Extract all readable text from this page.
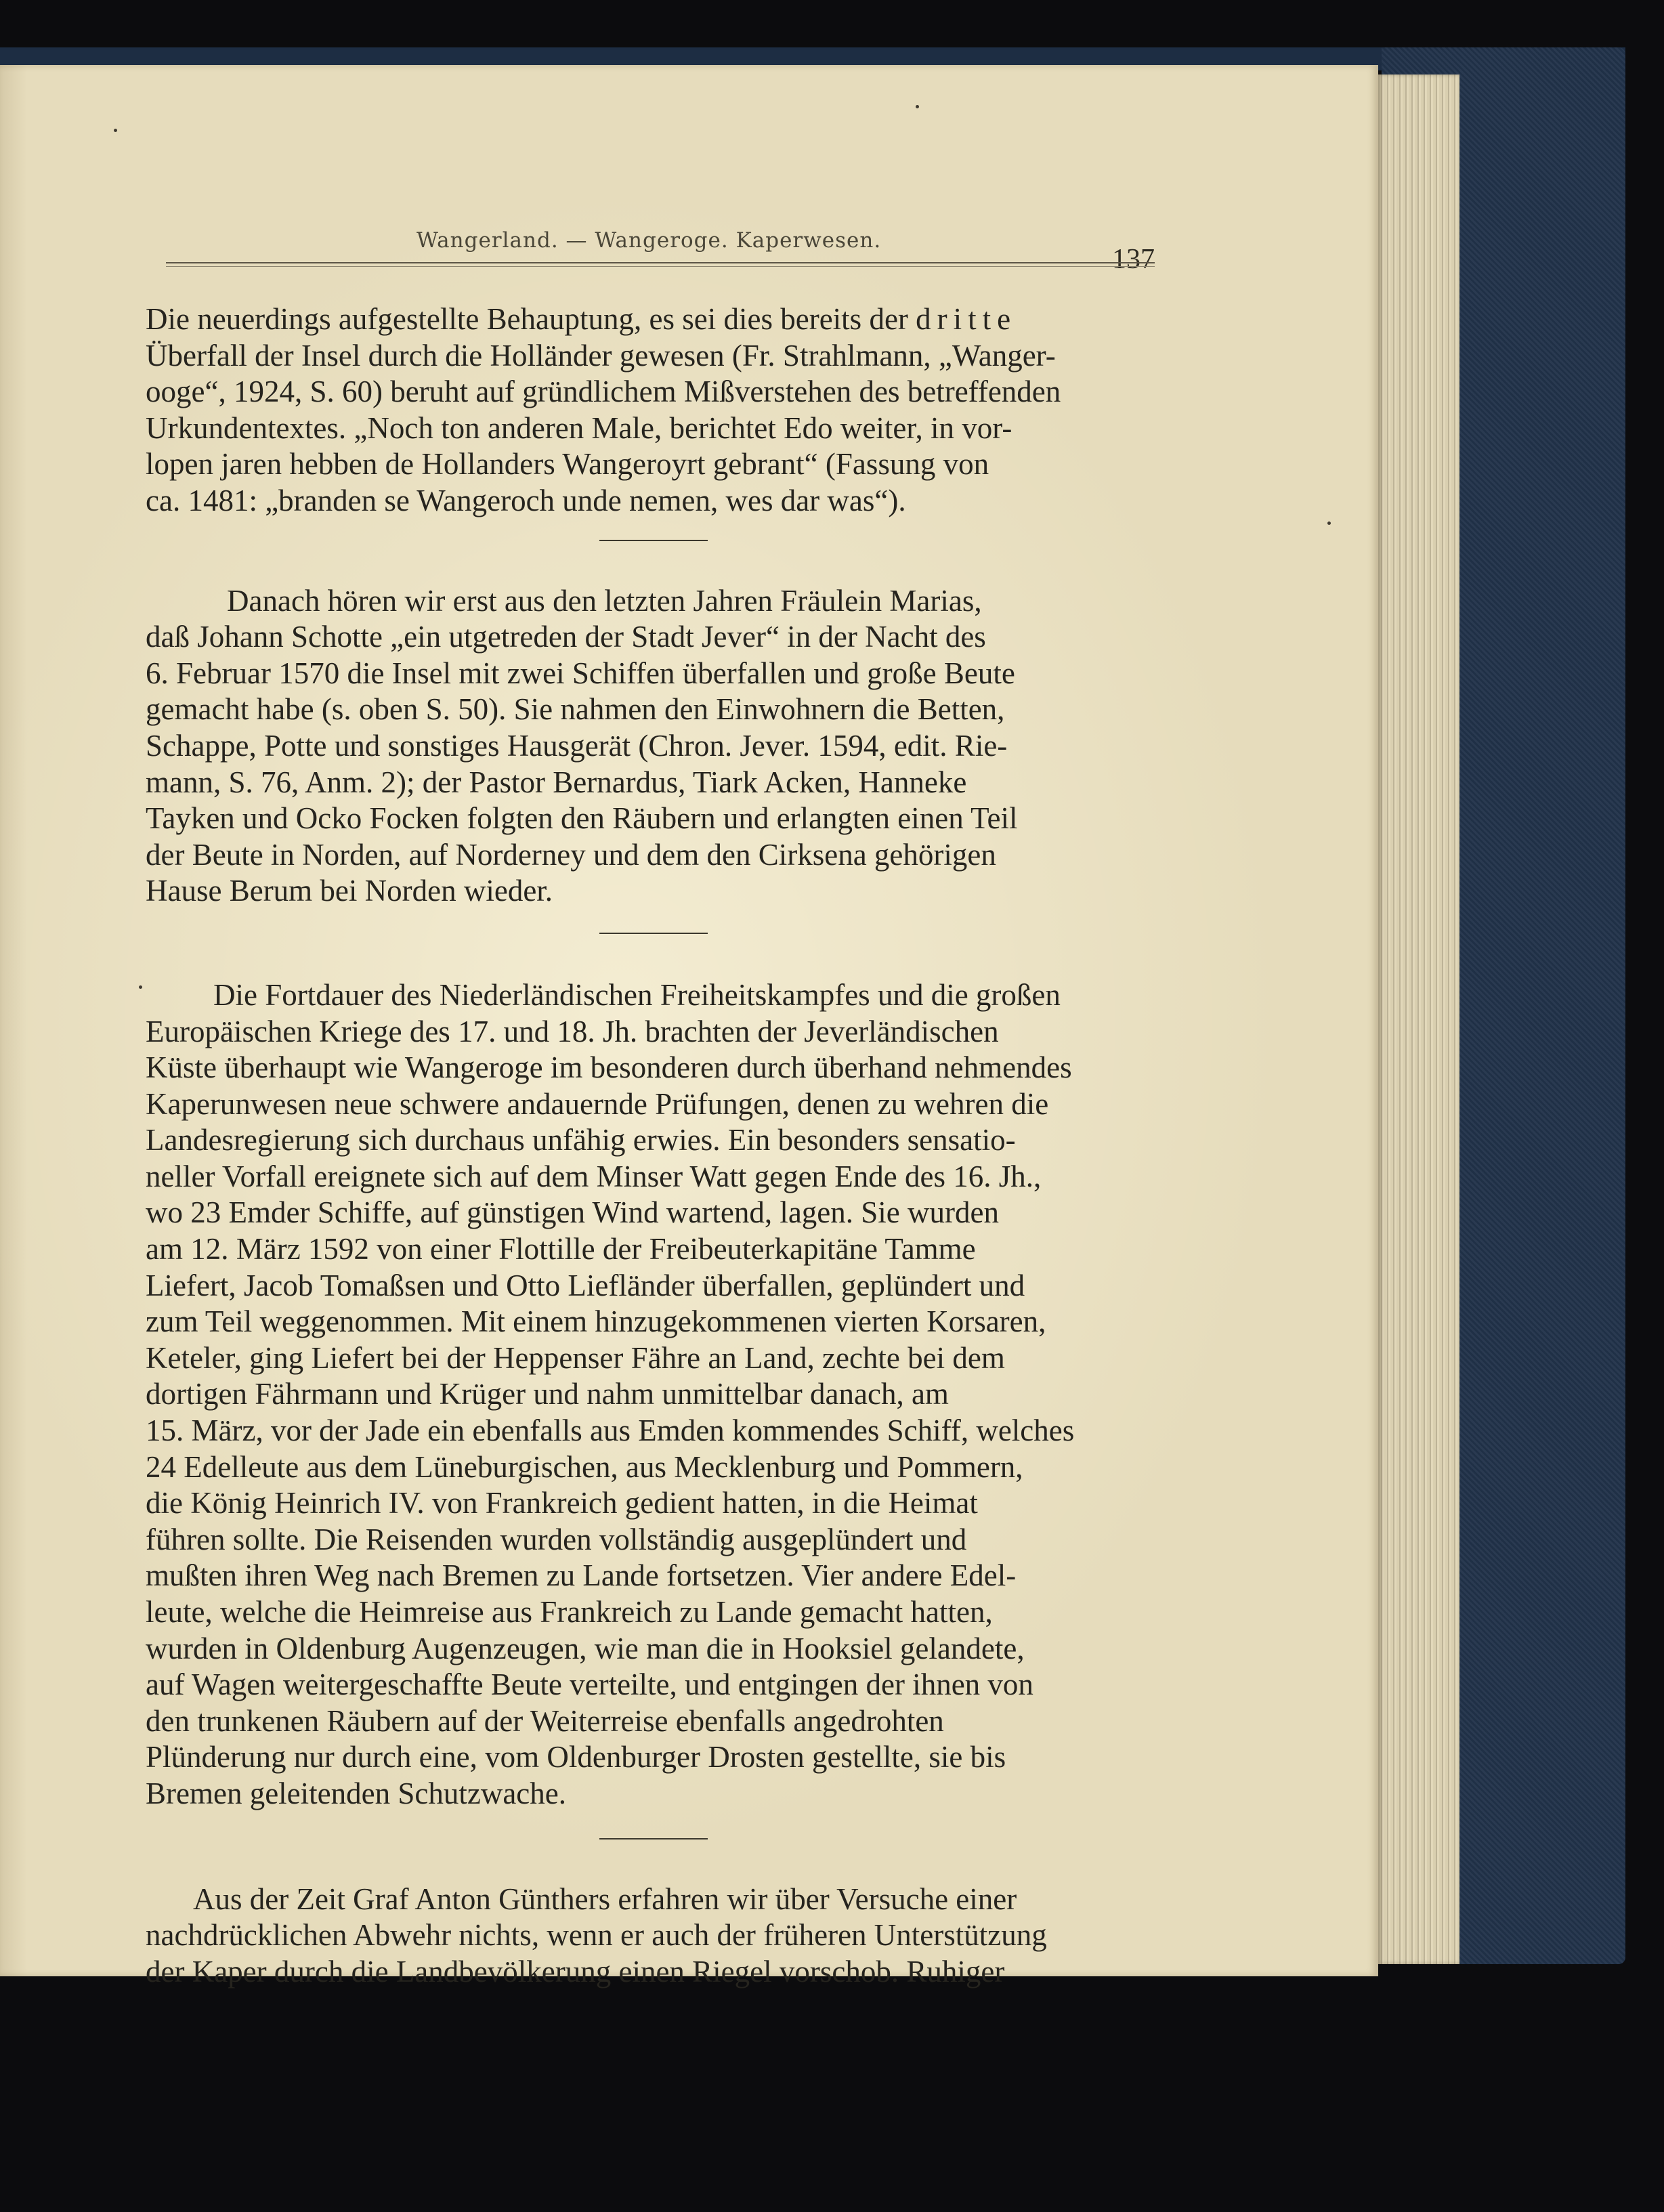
Wangerland. — Wangeroge. Kaperwesen.
137

Die neuerdings aufgestellte Behauptung, es sei dies bereits der dritte
Überfall der Insel durch die Holländer gewesen (Fr. Strahlmann, „Wanger-
ooge“, 1924, S. 60) beruht auf gründlichem Mißverstehen des betreffenden
Urkundentextes. „Noch ton anderen Male, berichtet Edo weiter, in vor-
lopen jaren hebben de Hollanders Wangeroyrt gebrant“ (Fassung von
ca. 1481: „branden se Wangeroch unde nemen, wes dar was“).

Danach hören wir erst aus den letzten Jahren Fräulein Marias,
daß Johann Schotte „ein utgetreden der Stadt Jever“ in der Nacht des
6. Februar 1570 die Insel mit zwei Schiffen überfallen und große Beute
gemacht habe (s. oben S. 50). Sie nahmen den Einwohnern die Betten,
Schappe, Potte und sonstiges Hausgerät (Chron. Jever. 1594, edit. Rie-
mann, S. 76, Anm. 2); der Pastor Bernardus, Tiark Acken, Hanneke
Tayken und Ocko Focken folgten den Räubern und erlangten einen Teil
der Beute in Norden, auf Norderney und dem den Cirksena gehörigen
Hause Berum bei Norden wieder.

Die Fortdauer des Niederländischen Freiheitskampfes und die großen
Europäischen Kriege des 17. und 18. Jh. brachten der Jeverländischen
Küste überhaupt wie Wangeroge im besonderen durch überhand nehmendes
Kaperunwesen neue schwere andauernde Prüfungen, denen zu wehren die
Landesregierung sich durchaus unfähig erwies. Ein besonders sensatio-
neller Vorfall ereignete sich auf dem Minser Watt gegen Ende des 16. Jh.,
wo 23 Emder Schiffe, auf günstigen Wind wartend, lagen. Sie wurden
am 12. März 1592 von einer Flottille der Freibeuterkapitäne Tamme
Liefert, Jacob Tomaßsen und Otto Liefländer überfallen, geplündert und
zum Teil weggenommen. Mit einem hinzugekommenen vierten Korsaren,
Keteler, ging Liefert bei der Heppenser Fähre an Land, zechte bei dem
dortigen Fährmann und Krüger und nahm unmittelbar danach, am
15. März, vor der Jade ein ebenfalls aus Emden kommendes Schiff, welches
24 Edelleute aus dem Lüneburgischen, aus Mecklenburg und Pommern,
die König Heinrich IV. von Frankreich gedient hatten, in die Heimat
führen sollte. Die Reisenden wurden vollständig ausgeplündert und
mußten ihren Weg nach Bremen zu Lande fortsetzen. Vier andere Edel-
leute, welche die Heimreise aus Frankreich zu Lande gemacht hatten,
wurden in Oldenburg Augenzeugen, wie man die in Hooksiel gelandete,
auf Wagen weitergeschaffte Beute verteilte, und entgingen der ihnen von
den trunkenen Räubern auf der Weiterreise ebenfalls angedrohten
Plünderung nur durch eine, vom Oldenburger Drosten gestellte, sie bis
Bremen geleitenden Schutzwache.

Aus der Zeit Graf Anton Günthers erfahren wir über Versuche einer
nachdrücklichen Abwehr nichts, wenn er auch der früheren Unterstützung
der Kaper durch die Landbevölkerung einen Riegel vorschob. Ruhiger
